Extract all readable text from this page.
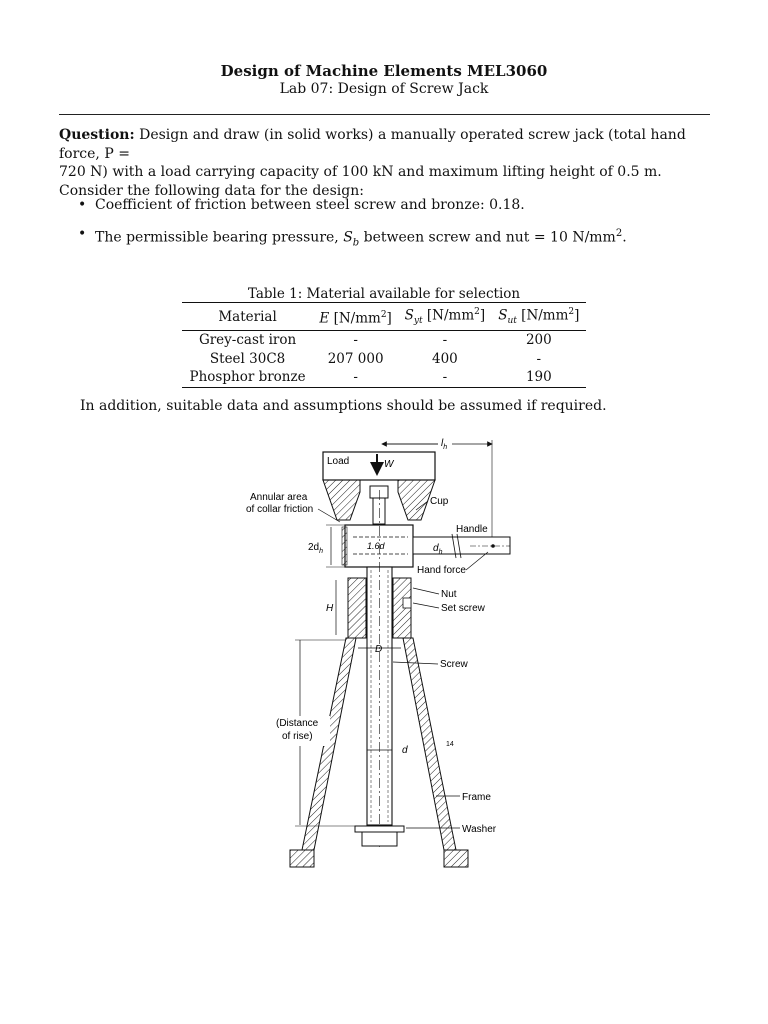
Design of Machine Elements MEL3060
Lab 07: Design of Screw Jack
Question: Design and draw (in solid works) a manually operated screw jack (total hand force, P =
720 N) with a load carrying capacity of 100 kN and maximum lifting height of 0.5 m.
Consider the following data for the design:
• Coefficient of friction between steel screw and bronze: 0.18.
• The permissible bearing pressure, $S_b$ between screw and nut = 10 $N/mm^2$.
Table 1: Material available for selection
Material	E $[N/mm^2]$	$S_{yt}$ $[N/mm^2]$	$S_{ut}$ $[N/mm^2]$
Grey-cast iron	-	-	200
Steel 30C8	207 000	400	-
Phosphor bronze	-	-	190
In addition, suitable data and assumptions should be assumed if required.
Load	W
$l_h$
Annular area
of collar friction
Cup
1.6d
$2d_h$
Handle
$d_h$
Hand force
Nut
Set screw
H
D
Screw
d
14
Frame
Washer
(Distance
of rise)
